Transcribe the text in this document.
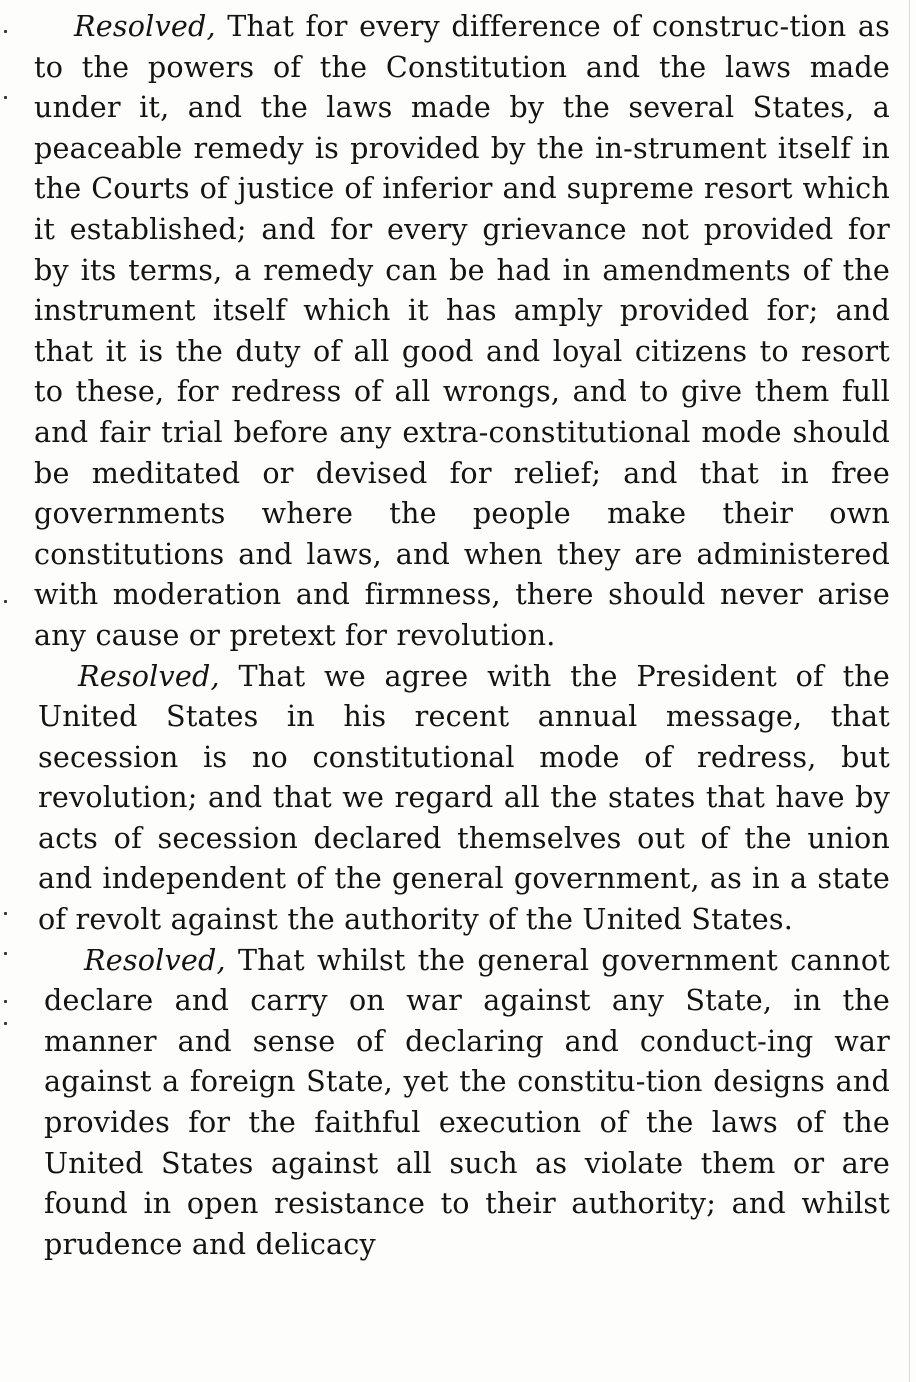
Resolved, That for every difference of construc-tion as to the powers of the Constitution and the laws made under it, and the laws made by the several States, a peaceable remedy is provided by the in-strument itself in the Courts of justice of inferior and supreme resort which it established; and for every grievance not provided for by its terms, a remedy can be had in amendments of the instrument itself which it has amply provided for; and that it is the duty of all good and loyal citizens to resort to these, for redress of all wrongs, and to give them full and fair trial before any extra-constitutional mode should be meditated or devised for relief; and that in free governments where the people make their own constitutions and laws, and when they are administered with moderation and firmness, there should never arise any cause or pretext for revolution.

Resolved, That we agree with the President of the United States in his recent annual message, that secession is no constitutional mode of redress, but revolution; and that we regard all the states that have by acts of secession declared themselves out of the union and independent of the general government, as in a state of revolt against the authority of the United States.

Resolved, That whilst the general government cannot declare and carry on war against any State, in the manner and sense of declaring and conduct-ing war against a foreign State, yet the constitu-tion designs and provides for the faithful execution of the laws of the United States against all such as violate them or are found in open resistance to their authority; and whilst prudence and delicacy
